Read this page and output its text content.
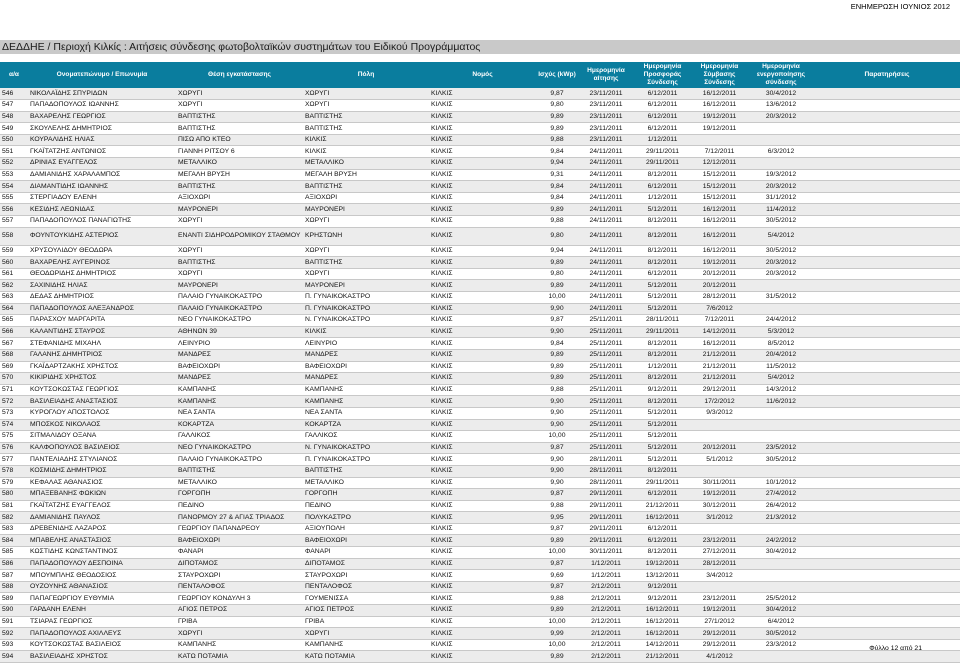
ΕΝΗΜΕΡΩΣΗ ΙΟΥΝΙΟΣ 2012
ΔΕΔΔΗΕ / Περιοχή Κιλκίς : Αιτήσεις σύνδεσης φωτοβολταϊκών συστημάτων του Ειδικού Προγράμματος
α/α	Ονοματεπώνυμο / Επωνυμία	Θέση εγκατάστασης	Πόλη	Νομός	Ισχύς (kWp)	Ημερομηνία αίτησης	Ημερομηνία Προσφοράς Σύνδεσης	Ημερομηνία Σύμβασης Σύνδεσης	Ημερομηνία ενεργοποίησης σύνδεσης	Παρατηρήσεις
546	ΝΙΚΟΛΑΪΔΗΣ ΣΠΥΡΙΔΩΝ	ΧΩΡΥΓΙ	ΧΩΡΥΓΙ	ΚΙΛΚΙΣ	9,87	23/11/2011	6/12/2011	16/12/2011	30/4/2012	
547	ΠΑΠΑΔΟΠΟΥΛΟΣ ΙΩΑΝΝΗΣ	ΧΩΡΥΓΙ	ΧΩΡΥΓΙ	ΚΙΛΚΙΣ	9,80	23/11/2011	6/12/2011	16/12/2011	13/6/2012	
548	ΒΑΧΑΡΕΛΗΣ ΓΕΩΡΓΙΟΣ	ΒΑΠΤΙΣΤΗΣ	ΒΑΠΤΙΣΤΗΣ	ΚΙΛΚΙΣ	9,89	23/11/2011	6/12/2011	19/12/2011	20/3/2012	
549	ΣΚΟΥΛΕΛΗΣ ΔΗΜΗΤΡΙΟΣ	ΒΑΠΤΙΣΤΗΣ	ΒΑΠΤΙΣΤΗΣ	ΚΙΛΚΙΣ	9,89	23/11/2011	6/12/2011	19/12/2011		
550	ΚΟΥΡΑΛΙΔΗΣ ΗΛΙΑΣ	ΠΙΣΩ ΑΠΟ ΚΤΕΟ	ΚΙΛΚΙΣ	ΚΙΛΚΙΣ	9,88	23/11/2011	1/12/2011			
551	ΓΚΑΪΤΑΤΖΗΣ ΑΝΤΩΝΙΟΣ	ΓΙΑΝΝΗ ΡΙΤΣΟΥ 6	ΚΙΛΚΙΣ	ΚΙΛΚΙΣ	9,84	24/11/2011	29/11/2011	7/12/2011	6/3/2012	
552	ΔΡΙΝΙΑΣ ΕΥΑΓΓΕΛΟΣ	ΜΕΤΑΛΛΙΚΟ	ΜΕΤΑΛΛΙΚΟ	ΚΙΛΚΙΣ	9,94	24/11/2011	29/11/2011	12/12/2011		
553	ΔΑΜΙΑΝΙΔΗΣ ΧΑΡΑΛΑΜΠΟΣ	ΜΕΓΑΛΗ ΒΡΥΣΗ	ΜΕΓΑΛΗ ΒΡΥΣΗ	ΚΙΛΚΙΣ	9,31	24/11/2011	8/12/2011	15/12/2011	19/3/2012	
554	ΔΙΑΜΑΝΤΙΔΗΣ ΙΩΑΝΝΗΣ	ΒΑΠΤΙΣΤΗΣ	ΒΑΠΤΙΣΤΗΣ	ΚΙΛΚΙΣ	9,84	24/11/2011	6/12/2011	15/12/2011	20/3/2012	
555	ΣΤΕΡΓΙΑΔΟΥ ΕΛΕΝΗ	ΑΞΙΟΧΩΡΙ	ΑΞΙΟΧΩΡΙ	ΚΙΛΚΙΣ	9,84	24/11/2011	1/12/2011	15/12/2011	31/1/2012	
556	ΚΕΣΙΔΗΣ ΛΕΩΝΙΔΑΣ	ΜΑΥΡΟΝΕΡΙ	ΜΑΥΡΟΝΕΡΙ	ΚΙΛΚΙΣ	9,89	24/11/2011	5/12/2011	16/12/2011	11/4/2012	
557	ΠΑΠΑΔΟΠΟΥΛΟΣ ΠΑΝΑΓΙΩΤΗΣ	ΧΩΡΥΓΙ	ΧΩΡΥΓΙ	ΚΙΛΚΙΣ	9,88	24/11/2011	8/12/2011	16/12/2011	30/5/2012	
558	ΦΟΥΝΤΟΥΚΙΔΗΣ ΑΣΤΕΡΙΟΣ	ΕΝΑΝΤΙ ΣΙΔΗΡΟΔΡΟΜΙΚΟΥ ΣΤΑΘΜΟΥ	ΚΡΗΣΤΩΝΗ	ΚΙΛΚΙΣ	9,80	24/11/2011	8/12/2011	16/12/2011	5/4/2012	
559	ΧΡΥΣΟΥΛΙΔΟΥ ΘΕΟΔΩΡΑ	ΧΩΡΥΓΙ	ΧΩΡΥΓΙ	ΚΙΛΚΙΣ	9,94	24/11/2011	8/12/2011	16/12/2011	30/5/2012	
560	ΒΑΧΑΡΕΛΗΣ ΑΥΓΕΡΙΝΟΣ	ΒΑΠΤΙΣΤΗΣ	ΒΑΠΤΙΣΤΗΣ	ΚΙΛΚΙΣ	9,89	24/11/2011	8/12/2011	19/12/2011	20/3/2012	
561	ΘΕΟΔΩΡΙΔΗΣ ΔΗΜΗΤΡΙΟΣ	ΧΩΡΥΓΙ	ΧΩΡΥΓΙ	ΚΙΛΚΙΣ	9,80	24/11/2011	6/12/2011	20/12/2011	20/3/2012	
562	ΣΑΧΙΝΙΔΗΣ ΗΛΙΑΣ	ΜΑΥΡΟΝΕΡΙ	ΜΑΥΡΟΝΕΡΙ	ΚΙΛΚΙΣ	9,89	24/11/2011	5/12/2011	20/12/2011		
563	ΔΕΔΑΣ ΔΗΜΗΤΡΙΟΣ	ΠΑΛΑΙΟ ΓΥΝΑΙΚΟΚΑΣΤΡΟ	Π. ΓΥΝΑΙΚΟΚΑΣΤΡΟ	ΚΙΛΚΙΣ	10,00	24/11/2011	5/12/2011	28/12/2011	31/5/2012	
564	ΠΑΠΑΔΟΠΟΥΛΟΣ ΑΛΕΞΑΝΔΡΟΣ	ΠΑΛΑΙΟ ΓΥΝΑΙΚΟΚΑΣΤΡΟ	Π. ΓΥΝΑΙΚΟΚΑΣΤΡΟ	ΚΙΛΚΙΣ	9,90	24/11/2011	5/12/2011	7/6/2012		
565	ΠΑΡΑΣΧΟΥ ΜΑΡΓΑΡΙΤΑ	ΝΕΟ ΓΥΝΑΙΚΟΚΑΣΤΡΟ	Ν. ΓΥΝΑΙΚΟΚΑΣΤΡΟ	ΚΙΛΚΙΣ	9,87	25/11/2011	28/11/2011	7/12/2011	24/4/2012	
566	ΚΑΛΑΝΤΙΔΗΣ ΣΤΑΥΡΟΣ	ΑΘΗΝΩΝ 39	ΚΙΛΚΙΣ	ΚΙΛΚΙΣ	9,90	25/11/2011	29/11/2011	14/12/2011	5/3/2012	
567	ΣΤΕΦΑΝΙΔΗΣ ΜΙΧΑΗΛ	ΛΕΙΝΥΡΙΟ	ΛΕΙΝΥΡΙΟ	ΚΙΛΚΙΣ	9,84	25/11/2011	8/12/2011	16/12/2011	8/5/2012	
568	ΓΑΛΑΝΗΣ ΔΗΜΗΤΡΙΟΣ	ΜΑΝΔΡΕΣ	ΜΑΝΔΡΕΣ	ΚΙΛΚΙΣ	9,89	25/11/2011	8/12/2011	21/12/2011	20/4/2012	
569	ΓΚΑΪΔΑΡΤΖΑΚΗΣ ΧΡΗΣΤΟΣ	ΒΑΦΕΙΟΧΩΡΙ	ΒΑΦΕΙΟΧΩΡΙ	ΚΙΛΚΙΣ	9,89	25/11/2011	1/12/2011	21/12/2011	11/5/2012	
570	ΚΙΚΙΡΙΔΗΣ ΧΡΗΣΤΟΣ	ΜΑΝΔΡΕΣ	ΜΑΝΔΡΕΣ	ΚΙΛΚΙΣ	9,89	25/11/2011	8/12/2011	21/12/2011	5/4/2012	
571	ΚΟΥΤΣΟΚΩΣΤΑΣ ΓΕΩΡΓΙΟΣ	ΚΑΜΠΑΝΗΣ	ΚΑΜΠΑΝΗΣ	ΚΙΛΚΙΣ	9,88	25/11/2011	9/12/2011	29/12/2011	14/3/2012	
572	ΒΑΣΙΛΕΙΑΔΗΣ ΑΝΑΣΤΑΣΙΟΣ	ΚΑΜΠΑΝΗΣ	ΚΑΜΠΑΝΗΣ	ΚΙΛΚΙΣ	9,90	25/11/2011	8/12/2011	17/2/2012	11/6/2012	
573	ΚΥΡΟΓΛΟΥ ΑΠΟΣΤΟΛΟΣ	ΝΕΑ ΣΑΝΤΑ	ΝΕΑ ΣΑΝΤΑ	ΚΙΛΚΙΣ	9,90	25/11/2011	5/12/2011	9/3/2012		
574	ΜΠΟΣΚΟΣ ΝΙΚΟΛΑΟΣ	ΚΟΚΑΡΤΖΑ	ΚΟΚΑΡΤΖΑ	ΚΙΛΚΙΣ	9,90	25/11/2011	5/12/2011			
575	ΣΙΤΜΑΛΙΔΟΥ ΟΞΑΝΑ	ΓΑΛΛΙΚΟΣ	ΓΑΛΛΙΚΟΣ	ΚΙΛΚΙΣ	10,00	25/11/2011	5/12/2011			
576	ΚΑΛΦΟΠΟΥΛΟΣ ΒΑΣΙΛΕΙΟΣ	ΝΕΟ ΓΥΝΑΙΚΟΚΑΣΤΡΟ	Ν. ΓΥΝΑΙΚΟΚΑΣΤΡΟ	ΚΙΛΚΙΣ	9,87	25/11/2011	5/12/2011	20/12/2011	23/5/2012	
577	ΠΑΝΤΕΛΙΑΔΗΣ ΣΤΥΛΙΑΝΟΣ	ΠΑΛΑΙΟ ΓΥΝΑΙΚΟΚΑΣΤΡΟ	Π. ΓΥΝΑΙΚΟΚΑΣΤΡΟ	ΚΙΛΚΙΣ	9,90	28/11/2011	5/12/2011	5/1/2012	30/5/2012	
578	ΚΟΣΜΙΔΗΣ ΔΗΜΗΤΡΙΟΣ	ΒΑΠΤΙΣΤΗΣ	ΒΑΠΤΙΣΤΗΣ	ΚΙΛΚΙΣ	9,90	28/11/2011	8/12/2011			
579	ΚΕΦΑΛΑΣ ΑΘΑΝΑΣΙΟΣ	ΜΕΤΑΛΛΙΚΟ	ΜΕΤΑΛΛΙΚΟ	ΚΙΛΚΙΣ	9,90	28/11/2011	29/11/2011	30/11/2011	10/1/2012	
580	ΜΠΑΞΕΒΑΝΗΣ ΦΩΚΙΩΝ	ΓΟΡΓΟΠΗ	ΓΟΡΓΟΠΗ	ΚΙΛΚΙΣ	9,87	29/11/2011	6/12/2011	19/12/2011	27/4/2012	
581	ΓΚΑΪΤΑΤΖΗΣ ΕΥΑΓΓΕΛΟΣ	ΠΕΔΙΝΟ	ΠΕΔΙΝΟ	ΚΙΛΚΙΣ	9,88	29/11/2011	21/12/2011	30/12/2011	26/4/2012	
582	ΔΑΜΙΑΝΙΔΗΣ ΠΑΥΛΟΣ	ΠΑΝΟΡΜΟΥ 27 & ΑΓΙΑΣ ΤΡΙΑΔΟΣ	ΠΟΛΥΚΑΣΤΡΟ	ΚΙΛΚΙΣ	9,95	29/11/2011	16/12/2011	3/1/2012	21/3/2012	
583	ΔΡΕΒΕΝΙΔΗΣ ΛΑΖΑΡΟΣ	ΓΕΩΡΓΙΟΥ ΠΑΠΑΝΔΡΕΟΥ	ΑΞΙΟΥΠΟΛΗ	ΚΙΛΚΙΣ	9,87	29/11/2011	6/12/2011			
584	ΜΠΑΒΕΛΗΣ ΑΝΑΣΤΑΣΙΟΣ	ΒΑΦΕΙΟΧΩΡΙ	ΒΑΦΕΙΟΧΩΡΙ	ΚΙΛΚΙΣ	9,89	29/11/2011	6/12/2011	23/12/2011	24/2/2012	
585	ΚΩΣΤΙΔΗΣ ΚΩΝΣΤΑΝΤΙΝΟΣ	ΦΑΝΑΡΙ	ΦΑΝΑΡΙ	ΚΙΛΚΙΣ	10,00	30/11/2011	8/12/2011	27/12/2011	30/4/2012	
586	ΠΑΠΑΔΟΠΟΥΛΟΥ ΔΕΣΠΟΙΝΑ	ΔΙΠΟΤΑΜΟΣ	ΔΙΠΟΤΑΜΟΣ	ΚΙΛΚΙΣ	9,87	1/12/2011	19/12/2011	28/12/2011		
587	ΜΠΟΥΜΠΛΗΣ ΘΕΟΔΟΣΙΟΣ	ΣΤΑΥΡΟΧΩΡΙ	ΣΤΑΥΡΟΧΩΡΙ	ΚΙΛΚΙΣ	9,69	1/12/2011	13/12/2011	3/4/2012		
588	ΟΥΖΟΥΝΗΣ ΑΘΑΝΑΣΙΟΣ	ΠΕΝΤΑΛΟΦΟΣ	ΠΕΝΤΑΛΟΦΟΣ	ΚΙΛΚΙΣ	9,87	2/12/2011	9/12/2011			
589	ΠΑΠΑΓΕΩΡΓΙΟΥ ΕΥΘΥΜΙΑ	ΓΕΩΡΓΙΟΥ ΚΟΝΔΥΛΗ 3	ΓΟΥΜΕΝΙΣΣΑ	ΚΙΛΚΙΣ	9,88	2/12/2011	9/12/2011	23/12/2011	25/5/2012	
590	ΓΑΡΔΑΝΗ ΕΛΕΝΗ	ΑΓΙΟΣ ΠΕΤΡΟΣ	ΑΓΙΟΣ ΠΕΤΡΟΣ	ΚΙΛΚΙΣ	9,89	2/12/2011	16/12/2011	19/12/2011	30/4/2012	
591	ΤΣΙΑΡΑΣ ΓΕΩΡΓΙΟΣ	ΓΡΙΒΑ	ΓΡΙΒΑ	ΚΙΛΚΙΣ	10,00	2/12/2011	16/12/2011	27/1/2012	6/4/2012	
592	ΠΑΠΑΔΟΠΟΥΛΟΣ ΑΧΙΛΛΕΥΣ	ΧΩΡΥΓΙ	ΧΩΡΥΓΙ	ΚΙΛΚΙΣ	9,99	2/12/2011	16/12/2011	29/12/2011	30/5/2012	
593	ΚΟΥΤΣΟΚΩΣΤΑΣ ΒΑΣΙΛΕΙΟΣ	ΚΑΜΠΑΝΗΣ	ΚΑΜΠΑΝΗΣ	ΚΙΛΚΙΣ	10,00	2/12/2011	14/12/2011	29/12/2011	23/3/2012	
594	ΒΑΣΙΛΕΙΑΔΗΣ ΧΡΗΣΤΟΣ	ΚΑΤΩ ΠΟΤΑΜΙΑ	ΚΑΤΩ ΠΟΤΑΜΙΑ	ΚΙΛΚΙΣ	9,89	2/12/2011	21/12/2011	4/1/2012		
Φύλλο 12 από 21
